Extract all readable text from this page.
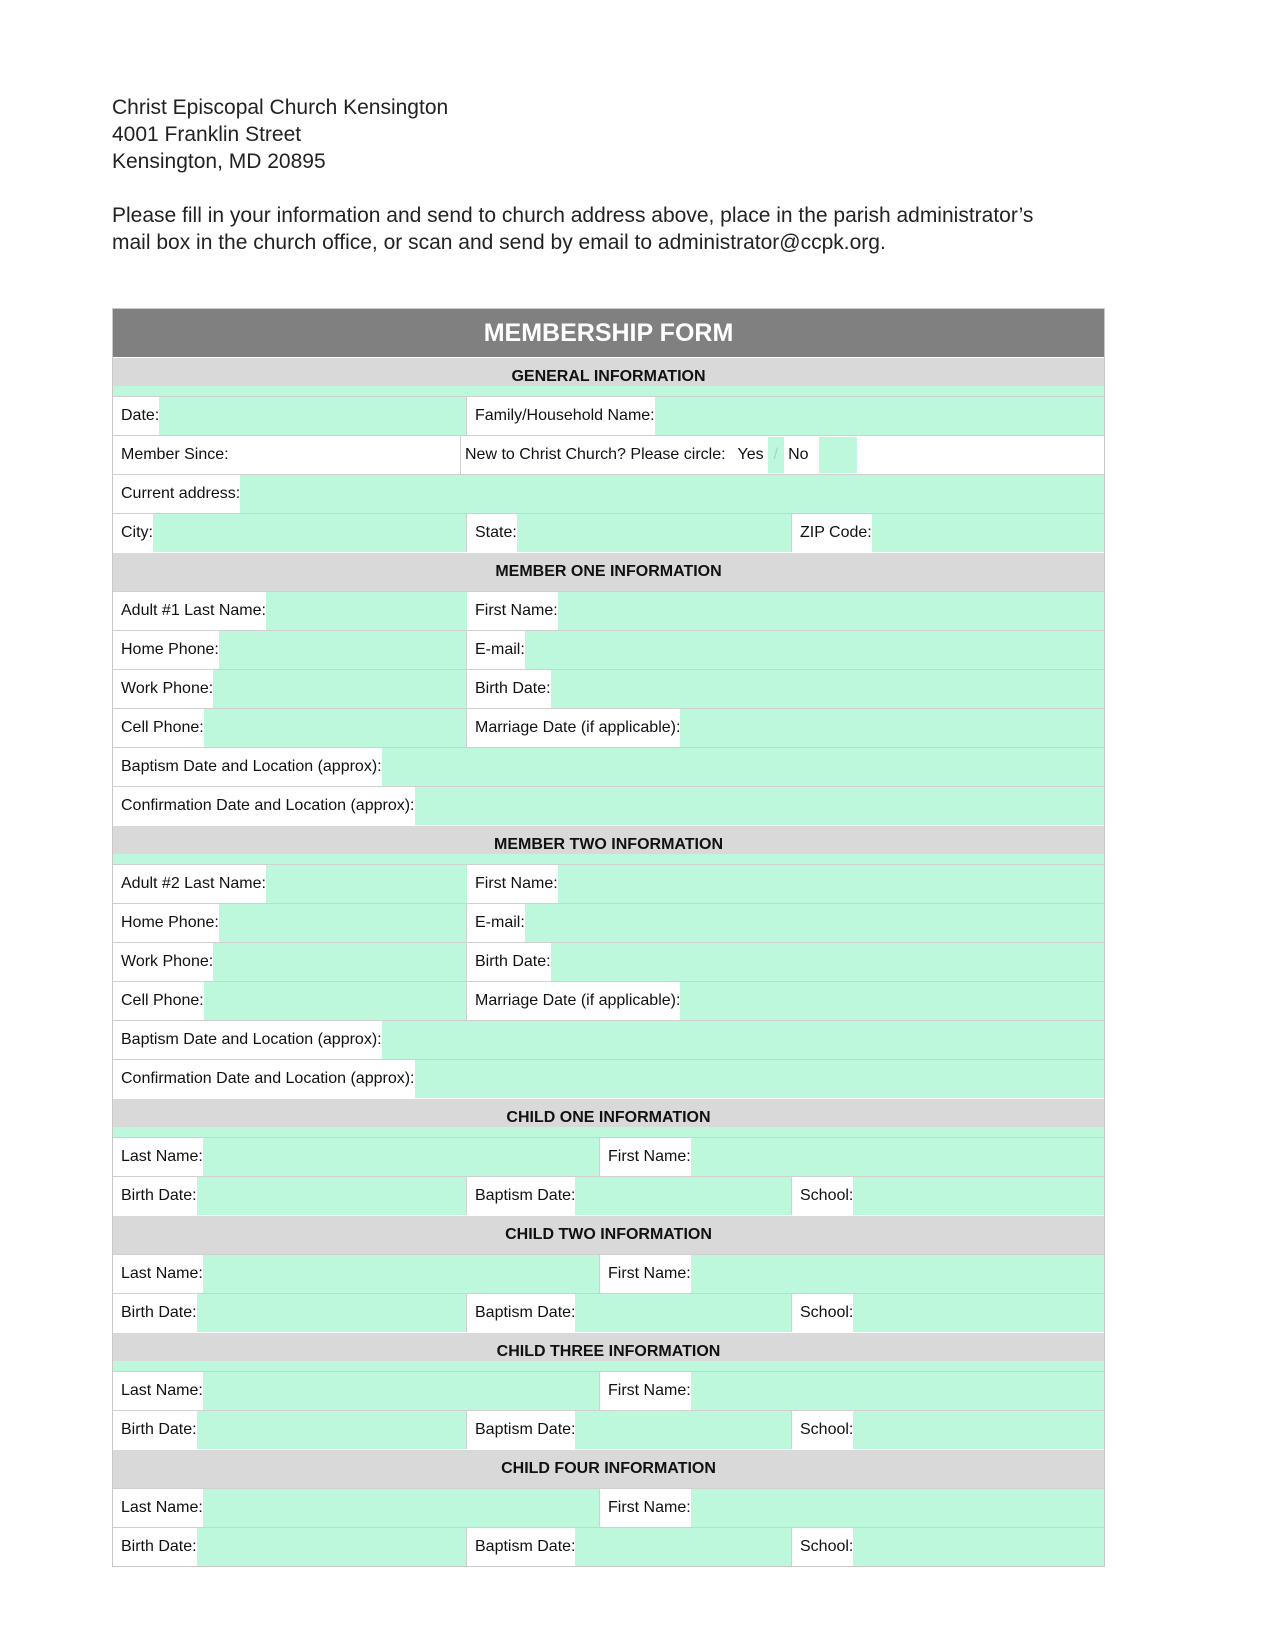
Christ Episcopal Church Kensington
4001 Franklin Street
Kensington, MD 20895
Please fill in your information and send to church address above, place in the parish administrator’s
mail box in the church office, or scan and send by email to administrator@ccpk.org.
MEMBERSHIP FORM
GENERAL INFORMATION
Date:	Family/Household Name:
Member Since:	New to Christ Church? Please circle: Yes / No
Current address:
City:	State:	ZIP Code:
MEMBER ONE INFORMATION
Adult #1 Last Name:	First Name:
Home Phone:	E-mail:
Work Phone:	Birth Date:
Cell Phone:	Marriage Date (if applicable):
Baptism Date and Location (approx):
Confirmation Date and Location (approx):
MEMBER TWO INFORMATION
Adult #2 Last Name:	First Name:
Home Phone:	E-mail:
Work Phone:	Birth Date:
Cell Phone:	Marriage Date (if applicable):
Baptism Date and Location (approx):
Confirmation Date and Location (approx):
CHILD ONE INFORMATION
Last Name:	First Name:
Birth Date:	Baptism Date:	School:
CHILD TWO INFORMATION
Last Name:	First Name:
Birth Date:	Baptism Date:	School:
CHILD THREE INFORMATION
Last Name:	First Name:
Birth Date:	Baptism Date:	School:
CHILD FOUR INFORMATION
Last Name:	First Name:
Birth Date:	Baptism Date:	School:
